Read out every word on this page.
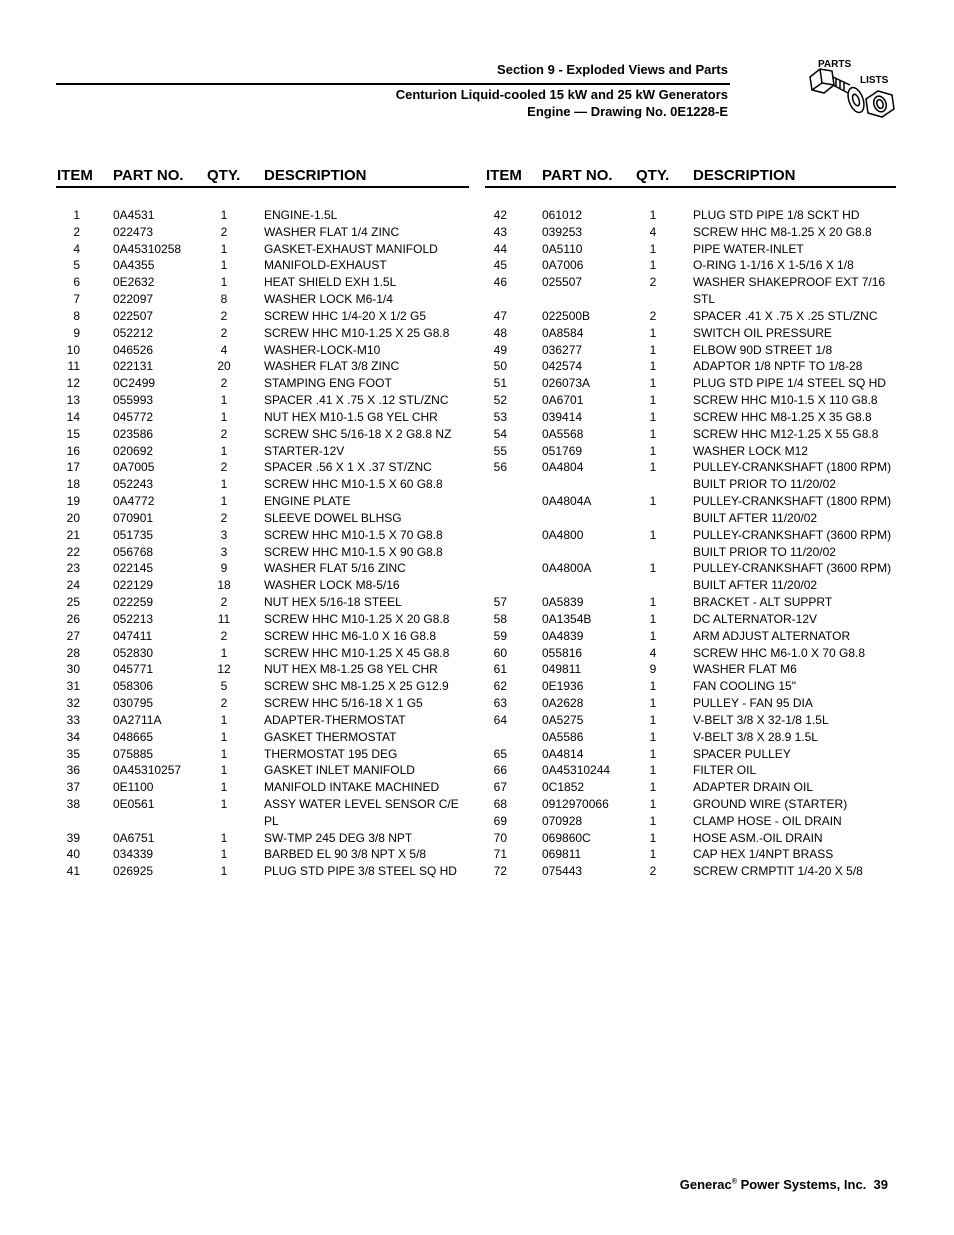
Section 9 - Exploded Views and Parts
Centurion Liquid-cooled 15 kW and 25 kW Generators
Engine — Drawing No. 0E1228-E
PARTS
LISTS
ITEM PART NO. QTY. DESCRIPTION
1	0A4531	1	ENGINE-1.5L
2	022473	2	WASHER FLAT 1/4 ZINC
4	0A45310258	1	GASKET-EXHAUST MANIFOLD
5	0A4355	1	MANIFOLD-EXHAUST
6	0E2632	1	HEAT SHIELD EXH 1.5L
7	022097	8	WASHER LOCK M6-1/4
8	022507	2	SCREW HHC 1/4-20 X 1/2 G5
9	052212	2	SCREW HHC M10-1.25 X 25 G8.8
10	046526	4	WASHER-LOCK-M10
11	022131	20	WASHER FLAT 3/8 ZINC
12	0C2499	2	STAMPING ENG FOOT
13	055993	1	SPACER .41 X .75 X .12 STL/ZNC
14	045772	1	NUT HEX M10-1.5 G8 YEL CHR
15	023586	2	SCREW SHC 5/16-18 X 2 G8.8 NZ
16	020692	1	STARTER-12V
17	0A7005	2	SPACER .56 X 1 X .37 ST/ZNC
18	052243	1	SCREW HHC M10-1.5 X 60 G8.8
19	0A4772	1	ENGINE PLATE
20	070901	2	SLEEVE DOWEL BLHSG
21	051735	3	SCREW HHC M10-1.5 X 70 G8.8
22	056768	3	SCREW HHC M10-1.5 X 90 G8.8
23	022145	9	WASHER FLAT 5/16 ZINC
24	022129	18	WASHER LOCK M8-5/16
25	022259	2	NUT HEX 5/16-18 STEEL
26	052213	11	SCREW HHC M10-1.25 X 20 G8.8
27	047411	2	SCREW HHC M6-1.0 X 16 G8.8
28	052830	1	SCREW HHC M10-1.25 X 45 G8.8
30	045771	12	NUT HEX M8-1.25 G8 YEL CHR
31	058306	5	SCREW SHC M8-1.25 X 25 G12.9
32	030795	2	SCREW HHC 5/16-18 X 1 G5
33	0A2711A	1	ADAPTER-THERMOSTAT
34	048665	1	GASKET THERMOSTAT
35	075885	1	THERMOSTAT 195 DEG
36	0A45310257	1	GASKET INLET MANIFOLD
37	0E1100	1	MANIFOLD INTAKE MACHINED
38	0E0561	1	ASSY WATER LEVEL SENSOR C/E
PL
39	0A6751	1	SW-TMP 245 DEG 3/8 NPT
40	034339	1	BARBED EL 90 3/8 NPT X 5/8
41	026925	1	PLUG STD PIPE 3/8 STEEL SQ HD
ITEM PART NO. QTY. DESCRIPTION
42	061012	1	PLUG STD PIPE 1/8 SCKT HD
43	039253	4	SCREW HHC M8-1.25 X 20 G8.8
44	0A5110	1	PIPE WATER-INLET
45	0A7006	1	O-RING 1-1/16 X 1-5/16 X 1/8
46	025507	2	WASHER SHAKEPROOF EXT 7/16
STL
47	022500B	2	SPACER .41 X .75 X .25 STL/ZNC
48	0A8584	1	SWITCH OIL PRESSURE
49	036277	1	ELBOW 90D STREET 1/8
50	042574	1	ADAPTOR 1/8 NPTF TO 1/8-28
51	026073A	1	PLUG STD PIPE 1/4 STEEL SQ HD
52	0A6701	1	SCREW HHC M10-1.5 X 110 G8.8
53	039414	1	SCREW HHC M8-1.25 X 35 G8.8
54	0A5568	1	SCREW HHC M12-1.25 X 55 G8.8
55	051769	1	WASHER LOCK M12
56	0A4804	1	PULLEY-CRANKSHAFT (1800 RPM)
BUILT PRIOR TO 11/20/02
0A4804A	1	PULLEY-CRANKSHAFT (1800 RPM)
BUILT AFTER 11/20/02
0A4800	1	PULLEY-CRANKSHAFT (3600 RPM)
BUILT PRIOR TO 11/20/02
0A4800A	1	PULLEY-CRANKSHAFT (3600 RPM)
BUILT AFTER 11/20/02
57	0A5839	1	BRACKET - ALT SUPPRT
58	0A1354B	1	DC ALTERNATOR-12V
59	0A4839	1	ARM ADJUST ALTERNATOR
60	055816	4	SCREW HHC M6-1.0 X 70 G8.8
61	049811	9	WASHER FLAT M6
62	0E1936	1	FAN COOLING 15"
63	0A2628	1	PULLEY - FAN 95 DIA
64	0A5275	1	V-BELT 3/8 X 32-1/8 1.5L
0A5586	1	V-BELT 3/8 X 28.9 1.5L
65	0A4814	1	SPACER PULLEY
66	0A45310244	1	FILTER OIL
67	0C1852	1	ADAPTER DRAIN OIL
68	0912970066	1	GROUND WIRE (STARTER)
69	070928	1	CLAMP HOSE - OIL DRAIN
70	069860C	1	HOSE ASM.-OIL DRAIN
71	069811	1	CAP HEX 1/4NPT BRASS
72	075443	2	SCREW CRMPTIT 1/4-20 X 5/8
Generac® Power Systems, Inc. 39
